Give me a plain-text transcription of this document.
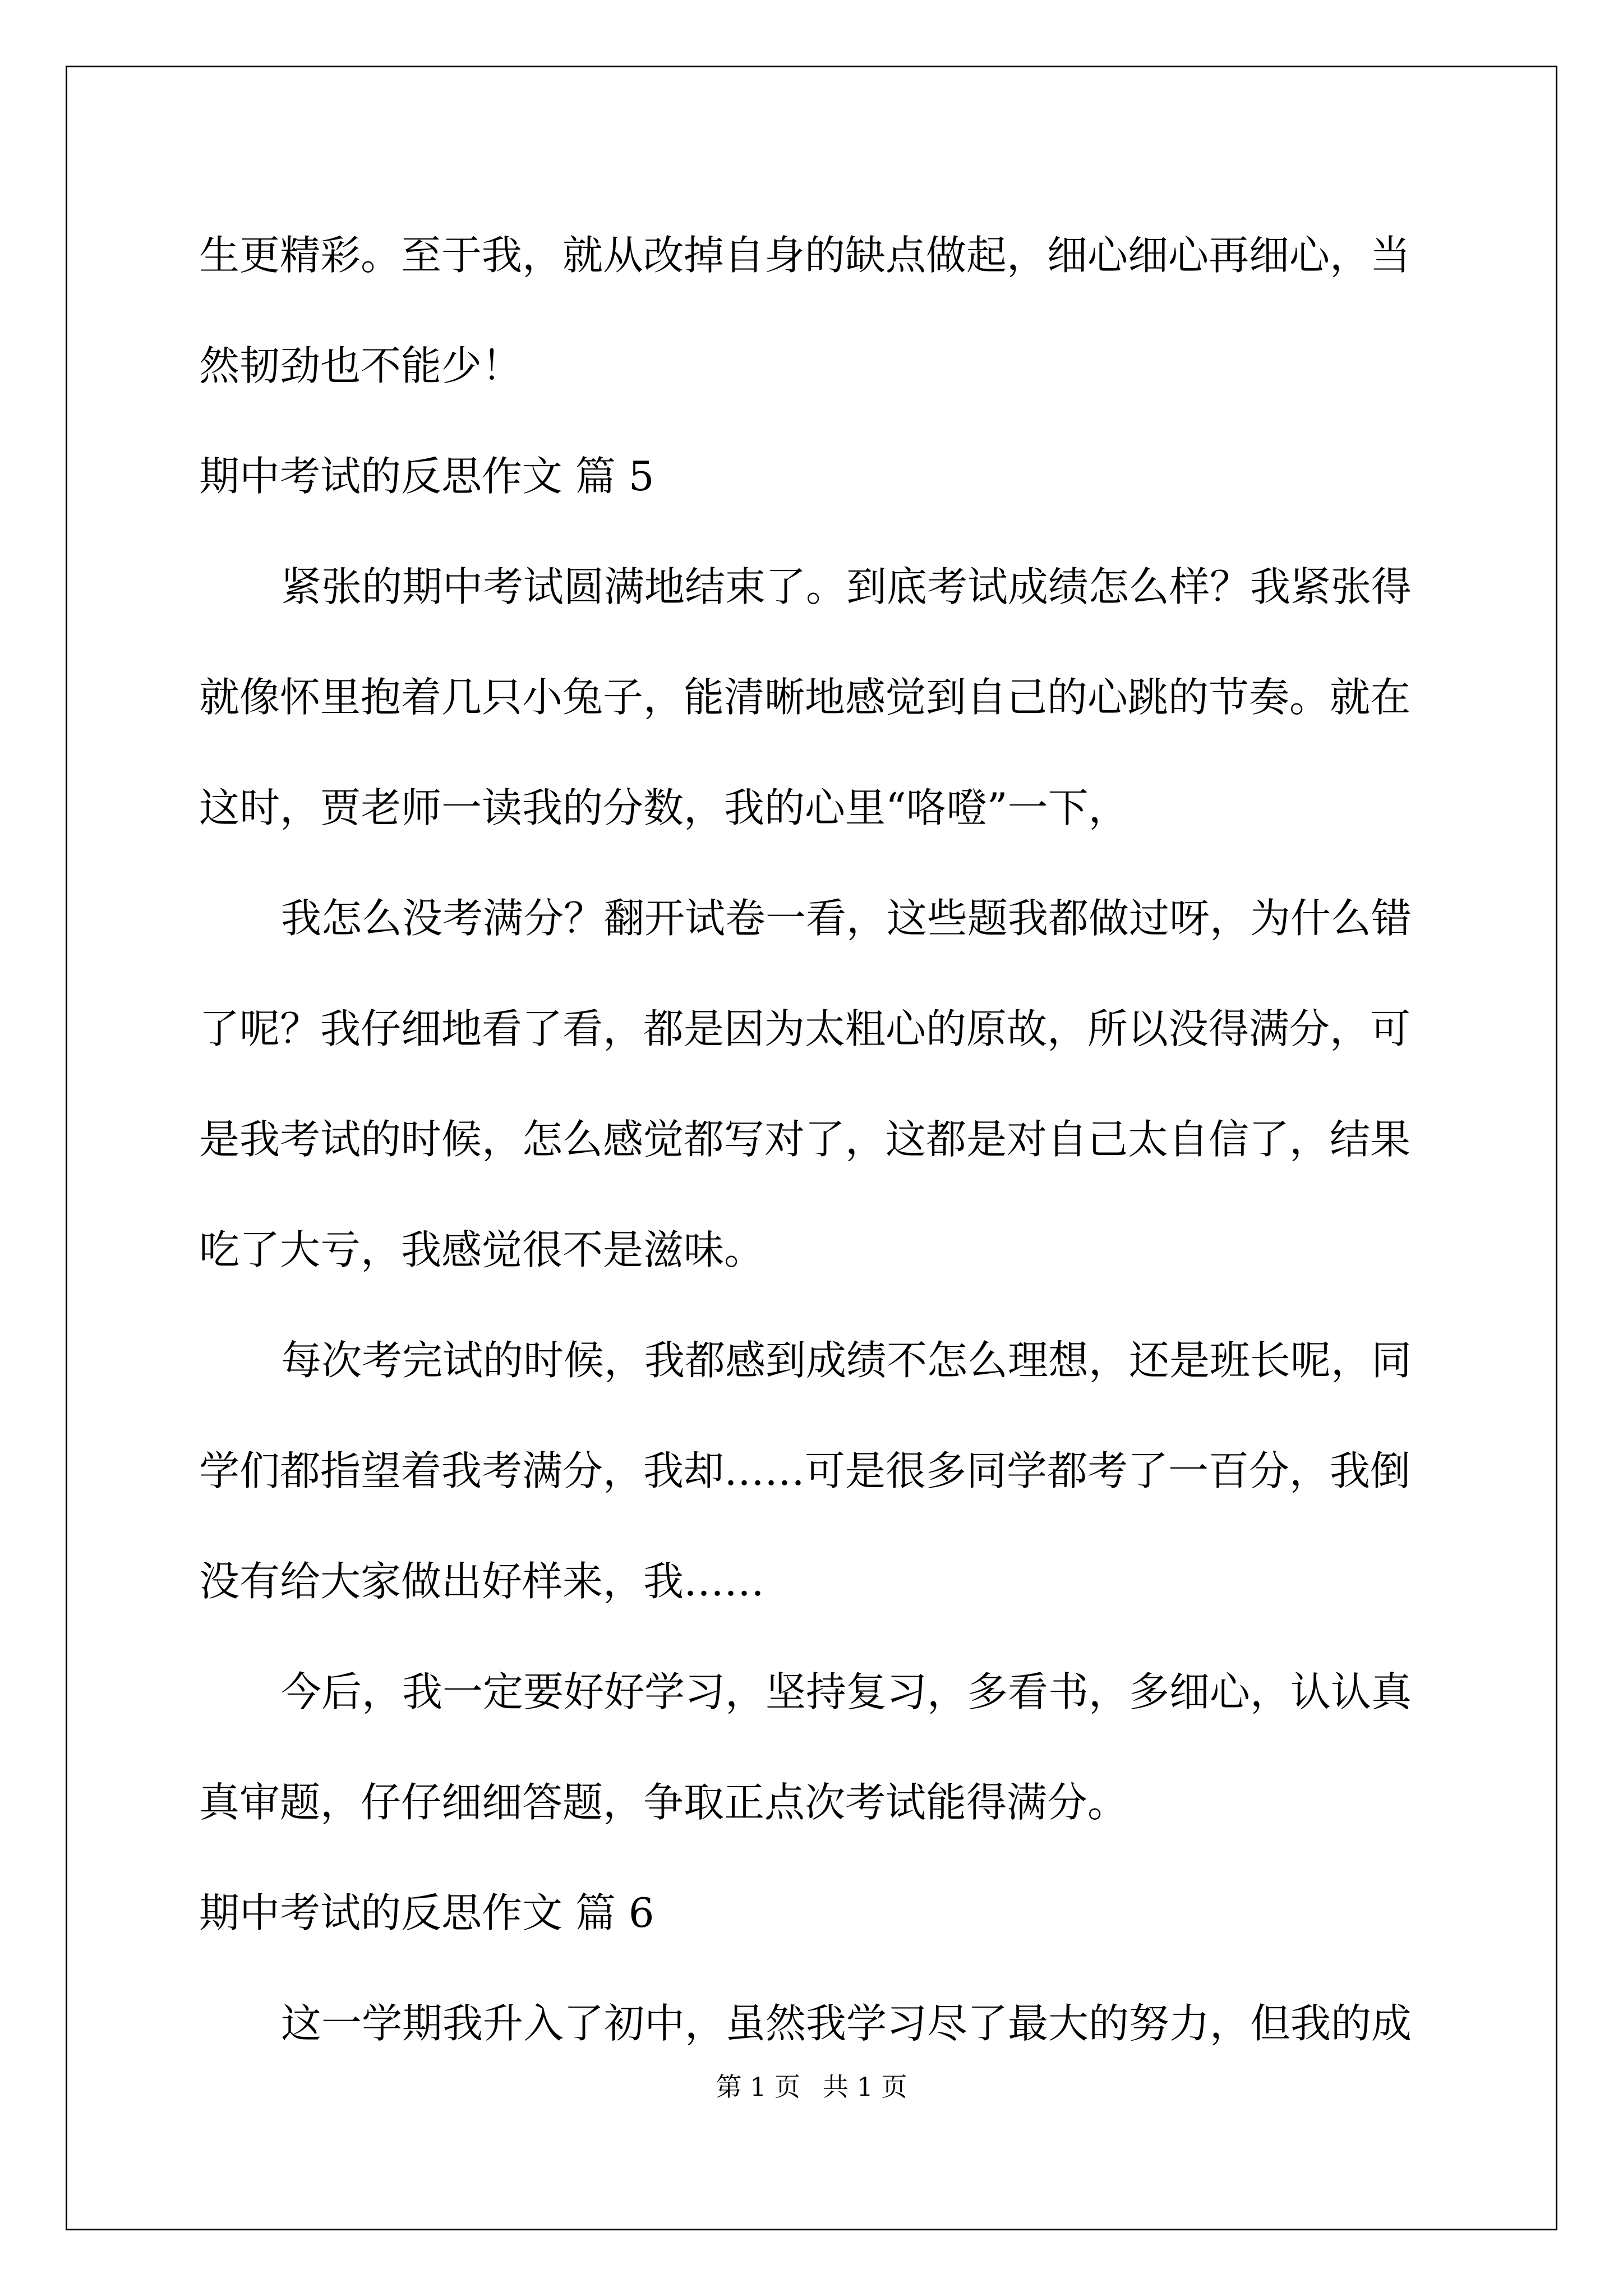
生更精彩。至于我，就从改掉自身的缺点做起，细心细心再细心，当
然韧劲也不能少！
期中考试的反思作文 篇 5
紧张的期中考试圆满地结束了。到底考试成绩怎么样？我紧张得
就像怀里抱着几只小兔子，能清晰地感觉到自己的心跳的节奏。就在
这时，贾老师一读我的分数，我的心里“咯噔”一下，
我怎么没考满分？翻开试卷一看，这些题我都做过呀，为什么错
了呢？我仔细地看了看，都是因为太粗心的原故，所以没得满分，可
是我考试的时候，怎么感觉都写对了，这都是对自己太自信了，结果
吃了大亏，我感觉很不是滋味。
每次考完试的时候，我都感到成绩不怎么理想，还是班长呢，同
学们都指望着我考满分，我却……可是很多同学都考了一百分，我倒
没有给大家做出好样来，我……
今后，我一定要好好学习，坚持复习，多看书，多细心，认认真
真审题，仔仔细细答题，争取正点次考试能得满分。
期中考试的反思作文 篇 6
这一学期我升入了初中，虽然我学习尽了最大的努力，但我的成
第 1 页 共 1 页
